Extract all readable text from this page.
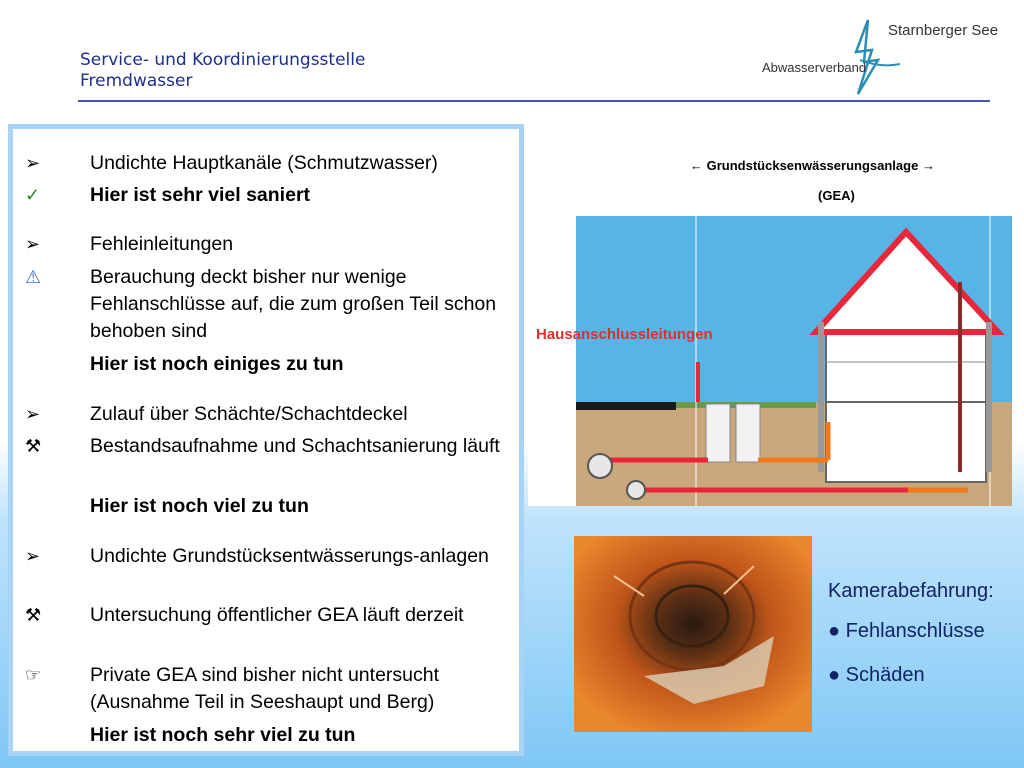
Service- und Koordinierungsstelle
Fremdwasser
Starnberger See
Abwasserverband
➢	Undichte Hauptkanäle (Schmutzwasser)
✓	Hier ist sehr viel saniert
➢	Fehleinleitungen
⚠	Berauchung deckt bisher nur wenige Fehlanschlüsse auf, die zum großen Teil schon behoben sind
Hier ist noch einiges zu tun
➢	Zulauf über Schächte/Schachtdeckel
⚒	Bestandsaufnahme und Schachtsanierung läuft
Hier ist noch viel zu tun
➢	Undichte Grundstücksentwässerungs-anlagen
⚒	Untersuchung öffentlicher GEA läuft derzeit
☞	Private GEA sind bisher nicht untersucht (Ausnahme Teil in Seeshaupt und Berg)
Hier ist noch sehr viel zu tun
← Grundstücksenwässerungsanlage →
(GEA)
Hausanschlussleitungen
Kamerabefahrung:
● Fehlanschlüsse
● Schäden
